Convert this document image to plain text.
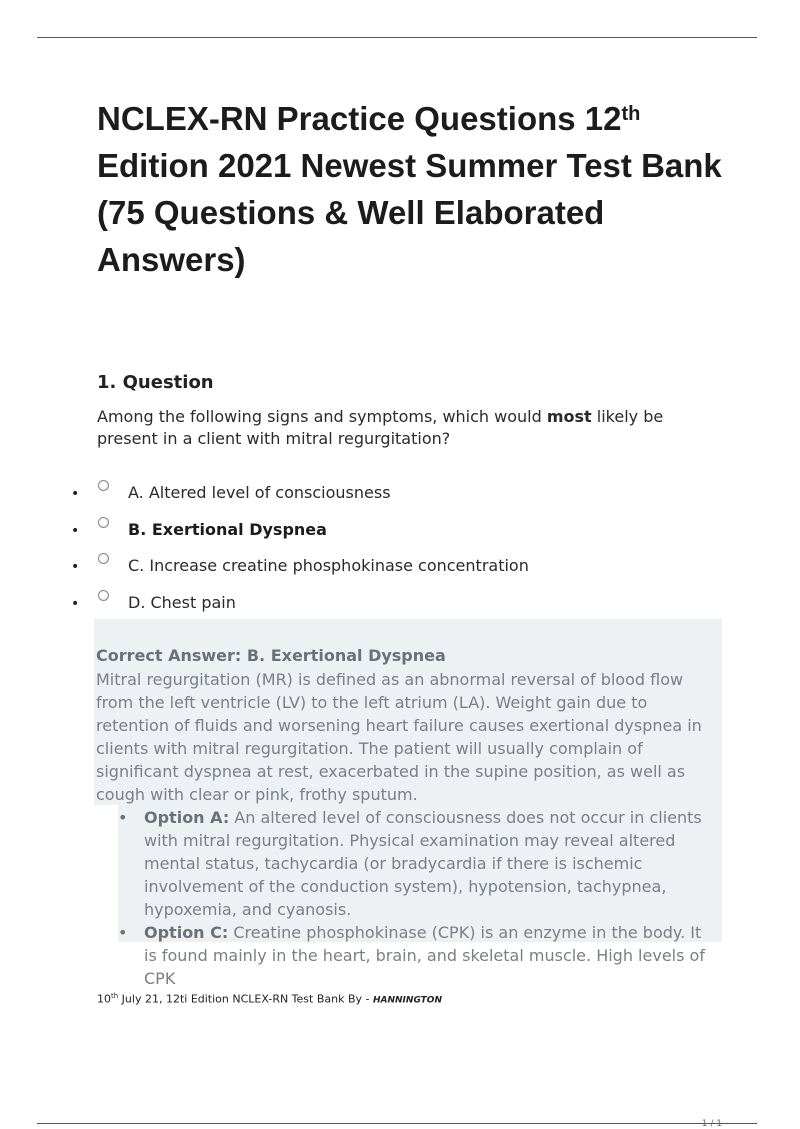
NCLEX-RN Practice Questions 12th
Edition 2021 Newest Summer Test Bank (75 Questions & Well Elaborated Answers)
1. Question

Among the following signs and symptoms, which would most likely be present in a client with mitral regurgitation?

•	A. Altered level of consciousness
•	B. Exertional Dyspnea
•	C. Increase creatine phosphokinase concentration
•	D. Chest pain

Correct Answer: B. Exertional Dyspnea

Mitral regurgitation (MR) is defined as an abnormal reversal of blood flow from the left ventricle (LV) to the left atrium (LA). Weight gain due to retention of fluids and worsening heart failure causes exertional dyspnea in clients with mitral regurgitation. The patient will usually complain of significant dyspnea at rest, exacerbated in the supine position, as well as cough with clear or pink, frothy sputum.

• Option A: An altered level of consciousness does not occur in clients with mitral regurgitation. Physical examination may reveal altered mental status, tachycardia (or bradycardia if there is ischemic involvement of the conduction system), hypotension, tachypnea, hypoxemia, and cyanosis.
• Option C: Creatine phosphokinase (CPK) is an enzyme in the body. It is found mainly in the heart, brain, and skeletal muscle. High levels of CPK
10th July 21, 12ti Edition NCLEX-RN Test Bank By - HANNINGTON
1 / 1
